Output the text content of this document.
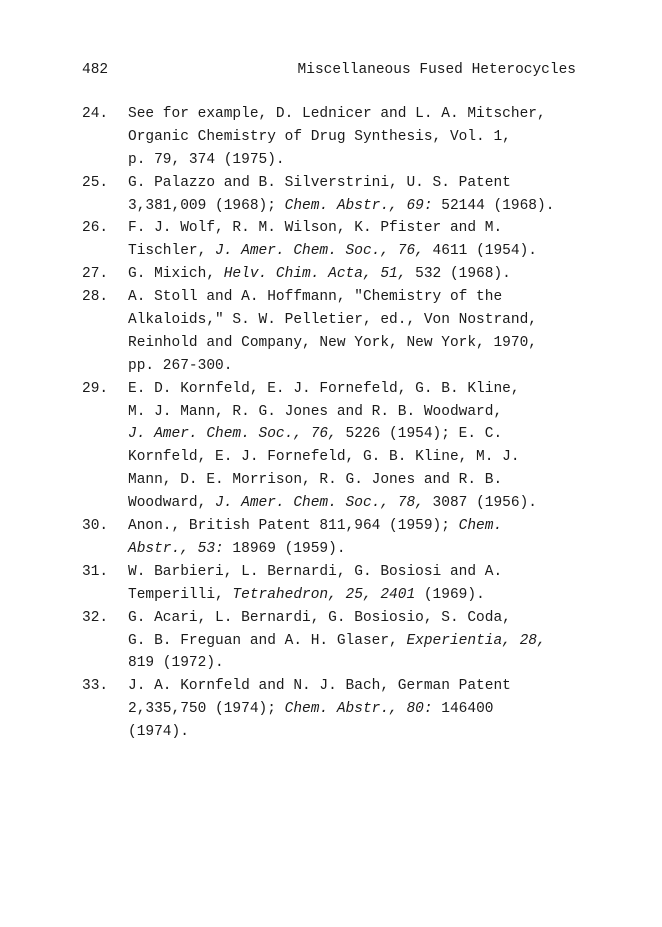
482	Miscellaneous Fused Heterocycles
24.	See for example, D. Lednicer and L. A. Mitscher,
Organic Chemistry of Drug Synthesis, Vol. 1,
p. 79, 374 (1975).
25.	G. Palazzo and B. Silverstrini, U. S. Patent
3,381,009 (1968); Chem. Abstr., 69: 52144 (1968).
26.	F. J. Wolf, R. M. Wilson, K. Pfister and M.
Tischler, J. Amer. Chem. Soc., 76, 4611 (1954).
27.	G. Mixich, Helv. Chim. Acta, 51, 532 (1968).
28.	A. Stoll and A. Hoffmann, "Chemistry of the
Alkaloids," S. W. Pelletier, ed., Von Nostrand,
Reinhold and Company, New York, New York, 1970,
pp. 267-300.
29.	E. D. Kornfeld, E. J. Fornefeld, G. B. Kline,
M. J. Mann, R. G. Jones and R. B. Woodward,
J. Amer. Chem. Soc., 76, 5226 (1954); E. C.
Kornfeld, E. J. Fornefeld, G. B. Kline, M. J.
Mann, D. E. Morrison, R. G. Jones and R. B.
Woodward, J. Amer. Chem. Soc., 78, 3087 (1956).
30.	Anon., British Patent 811,964 (1959); Chem.
Abstr., 53: 18969 (1959).
31.	W. Barbieri, L. Bernardi, G. Bosiosi and A.
Temperilli, Tetrahedron, 25, 2401 (1969).
32.	G. Acari, L. Bernardi, G. Bosiosio, S. Coda,
G. B. Freguan and A. H. Glaser, Experientia, 28,
819 (1972).
33.	J. A. Kornfeld and N. J. Bach, German Patent
2,335,750 (1974); Chem. Abstr., 80: 146400
(1974).
